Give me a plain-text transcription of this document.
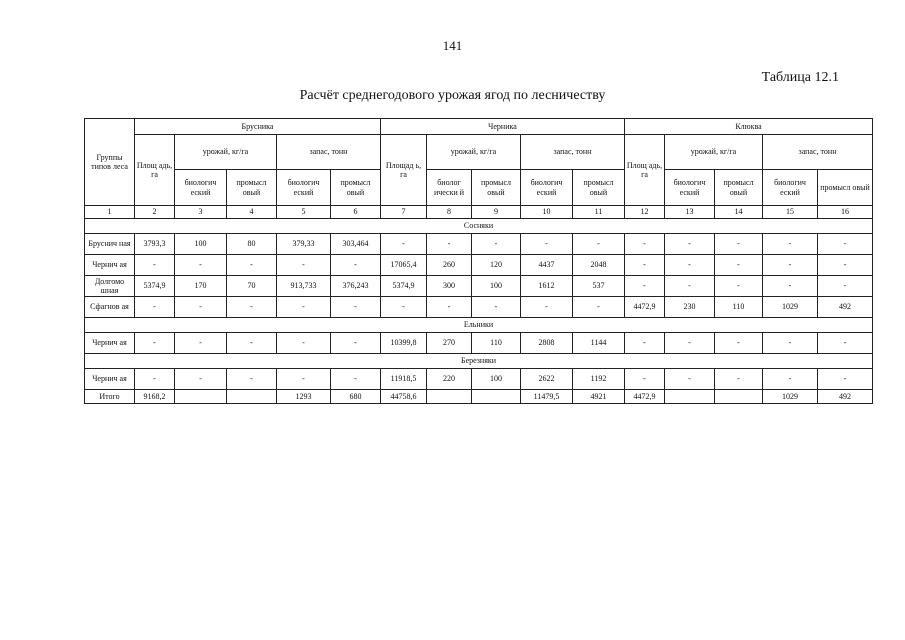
141
Таблица 12.1
Расчёт среднегодового урожая ягод по лесничеству
Группы типов леса	Брусника					Черника					Клюква				
	Площ адь, га	урожай, кг/га		запас, тонн		Площад ь, га	урожай, кг/га		запас, тонн		Площ адь, га	урожай, кг/га		запас, тонн	
		биологич еский	промысл овый	биологич еский	промысл овый		биолог ически й	промысл овый	биологич еский	промысл овый		биологич еский	промысл овый	биологич еский	промысл овый
1	2	3	4	5	6	7	8	9	10	11	12	13	14	15	16
Сосняки															
Бруснич ная	3793,3	100	80	379,33	303,464	-	-	-	-	-	-	-	-	-	-
Чернич ая	-	-	-	-	-	17065,4	260	120	4437	2048	-	-	-	-	-
Долгомо шная	5374,9	170	70	913,733	376,243	5374,9	300	100	1612	537	-	-	-	-	-
Сфагнов ая	-	-	-	-	-	-	-	-	-	-	4472,9	230	110	1029	492
Ельники															
Чернич ая	-	-	-	-	-	10399,8	270	110	2808	1144	-	-	-	-	-
Березняки															
Чернич ая	-	-	-	-	-	11918,5	220	100	2622	1192	-	-	-	-	-
Итого	9168,2			1293	680	44758,6			11479,5	4921	4472,9			1029	492
